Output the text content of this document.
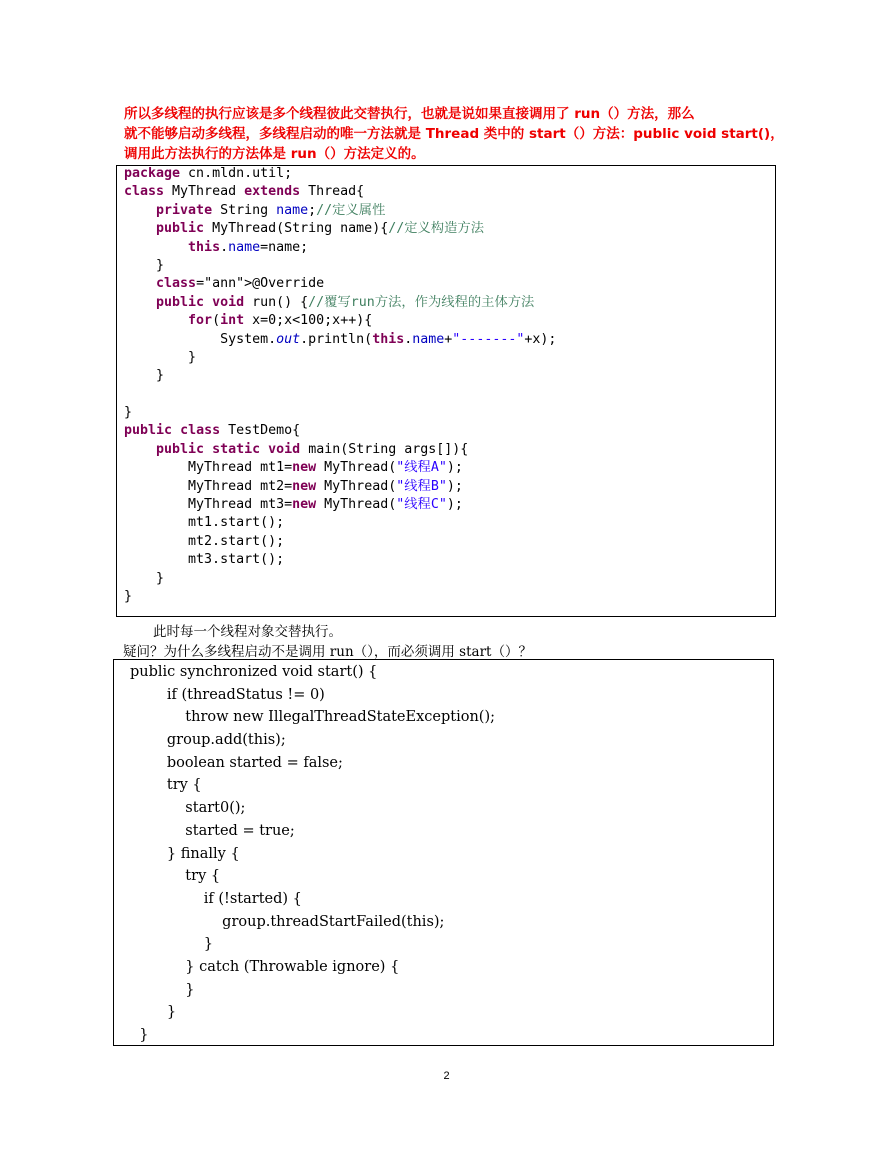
所以多线程的执行应该是多个线程彼此交替执行，也就是说如果直接调用了 run（）方法，那么
就不能够启动多线程，多线程启动的唯一方法就是 Thread 类中的 start（）方法：public void start()，
调用此方法执行的方法体是 run（）方法定义的。
package cn.mldn.util;
class MyThread extends Thread{
private String name;//定义属性
public MyThread(String name){//定义构造方法
this.name=name;
}
class="ann">@Override
public void run() {//覆写run方法，作为线程的主体方法
for(int x=0;x<100;x++){
System.out.println(this.name+"-------"+x);
}
}

}
public class TestDemo{
public static void main(String args[]){
MyThread mt1=new MyThread("线程A");
MyThread mt2=new MyThread("线程B");
MyThread mt3=new MyThread("线程C");
mt1.start();
mt2.start();
mt3.start();
}
}
此时每一个线程对象交替执行。
疑问？为什么多线程启动不是调用 run（），而必须调用 start（）？
public synchronized void start() {
if (threadStatus != 0)
throw new IllegalThreadStateException();
group.add(this);
boolean started = false;
try {
start0();
started = true;
} finally {
try {
if (!started) {
group.threadStartFailed(this);
}
} catch (Throwable ignore) {
}
}
}
2
